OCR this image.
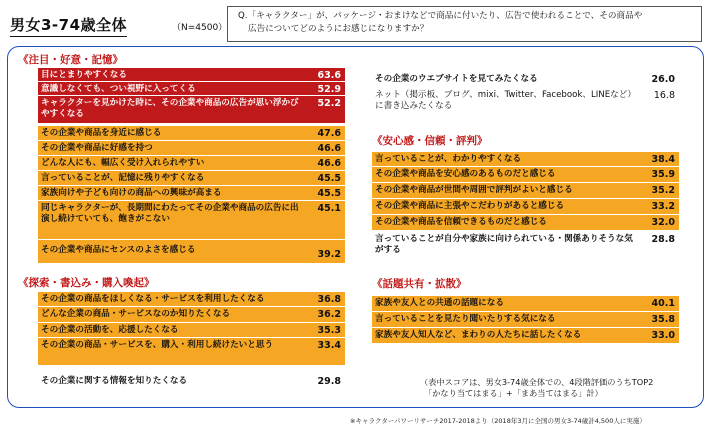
男女3-74歳全体	（N=4500）
Q.「キャラクター」が、パッケージ・おまけなどで商品に付いたり、広告で使われることで、その商品や
広告についてどのようにお感じになりますか？
《注目・好意・記憶》
目にとまりやすくなる	63.6
意識しなくても、つい視野に入ってくる	52.9
キャラクターを見かけた時に、その企業や商品の広告が思い浮かびやすくなる
52.2
その企業や商品を身近に感じる	47.6
その企業や商品に好感を持つ	46.6
どんな人にも、幅広く受け入れられやすい	46.6
言っていることが、記憶に残りやすくなる	45.5
家族向けや子ども向けの商品への興味が高まる	45.5
同じキャラクターが、長期間にわたってその企業や商品の広告に出演し続けていても、飽きがこない
45.1
その企業や商品にセンスのよさを感じる	39.2
《探索・書込み・購入喚起》
その企業の商品をほしくなる・サービスを利用したくなる	36.8
どんな企業の商品・サービスなのか知りたくなる	36.2
その企業の活動を、応援したくなる	35.3
その企業の商品・サービスを、購入・利用し続けたいと思う	33.4
その企業に関する情報を知りたくなる	29.8
その企業のウエブサイトを見てみたくなる	26.0
ネット（掲示板、ブログ、mixi、Twitter、Facebook、LINEなど）に書き込みたくなる
16.8
《安心感・信頼・評判》
言っていることが、わかりやすくなる	38.4
その企業や商品を安心感のあるものだと感じる	35.9
その企業や商品が世間や周囲で評判がよいと感じる	35.2
その企業や商品に主張やこだわりがあると感じる	33.2
その企業や商品を信頼できるものだと感じる	32.0
言っていることが自分や家族に向けられている・関係ありそうな気がする
28.8
《話題共有・拡散》
家族や友人との共通の話題になる	40.1
言っていることを見たり聞いたりする気になる	35.8
家族や友人知人など、まわりの人たちに話したくなる	33.0
（表中スコアは、男女3-74歳全体での、4段階評価のうちTOP2
「かなり当てはまる」+「まあ当てはまる」計）
※キャラクターパワーリサーチ2017-2018より（2018年3月に全国の男女3-74歳計4,500人に実施）
